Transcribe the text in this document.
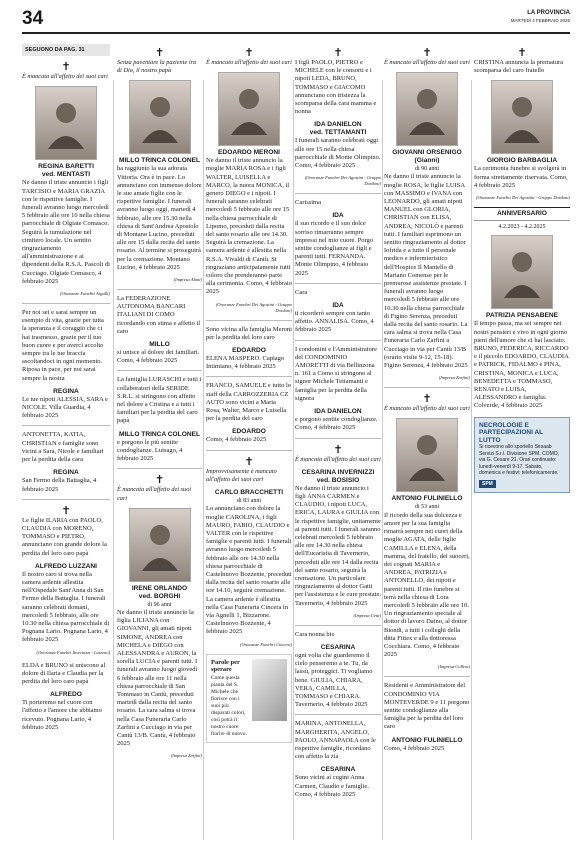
34	LA PROVINCIA
MARTEDÌ 4 FEBBRAIO 2025
SEGUONO DA PAG. 31
✝

È mancata all'affetto dei suoi cari

REGINA BARETTI
ved. MENTASTI

Ne danno il triste annuncio i figli TARCISIO e MARIA GRAZIA con le rispettive famiglie. I funerali avranno luogo mercoledì 5 febbraio alle ore 10 nella chiesa parrocchiale di Olgiate Comasco. Seguirà la tumulazione nel cimitero locale. Un sentito ringraziamento all'amministrazione e ai dipendenti della R.S.A. Pascoli di Cucciago. Olgiate Comasco, 4 febbraio 2025

(Onoranze Funebri Argalli)

Per noi sei e sarai sempre un esempio di vita, grazie per tutta la speranza e il coraggio che ci hai trasmesso, grazie per il tuo buon cuore e per averci accolto sempre tra le tue braccia ascoltandoci in ogni momento. Riposa in pace, per noi sarai sempre la nostra

REGINA

Le tue nipoti ALESSIA, SARA e NICOLE. Villa Guardia, 4 febbraio 2025

ANTONETTA, KATIA, CHRISTIAN e famiglie sono vicini a Sara, Nicole e familiari per la perdita della cara

REGINA

San Fermo della Battaglia, 4 febbraio 2025

✝

Le figlie ILARIA con PAOLO, CLAUDIA con MORENO, TOMMASO e PIETRO, annunciano con grande dolore la perdita del loro caro papà

ALFREDO LUZZANI

Il nostro caro si trova nella camera ardente allestita nell'Ospedale Sant'Anna di San Fermo della Battaglia. I funerali saranno celebrati domani, mercoledì 5 febbraio, alle ore 10.30 nella chiesa parrocchiale di Pognana Lario. Pognana Lario, 4 febbraio 2025

(Onoranze Funebri Invernizzi - Lezzeno)

ELDA e BRUNO si uniscono al dolore di Ilaria e Claudia per la perdita del loro caro papà

ALFREDO

Ti porteremo nel cuore con l'affetto e l'amore che abbiamo ricevuto. Pognana Lario, 4 febbraio 2025

✝

Senza paventare la paziente ira di Dio, il nostro papà

MILLO TRINCA COLONEL

ha raggiunto la sua adorata Vittoria. Ora è in pace. Lo annunciano con immenso dolore le sue amate figlie con le rispettive famiglie. I funerali avranno luogo oggi, martedì 4 febbraio, alle ore 15.30 nella chiesa di Sant'Andrea Apostolo di Montano Lucino, preceduti alle ore 15 dalla recita del santo rosario. Al termine si proseguirà per la cremazione. Montano Lucino, 4 febbraio 2025

(Impresa Alani)

La FEDERAZIONE AUTONOMA BANCARI ITALIANI DI COMO ricordando con stima e affetto il caro

MILLO

si unisce al dolore dei familiari. Como, 4 febbraio 2025

La famiglia LURASCHI e tutti i collaboratori della SERIDE S.R.L. si stringono con affetto nel dolore a Cristina e a tutti i familiari per la perdita del caro papà

MILLO TRINCA COLONEL

e porgono le più sentite condoglianze. Luisago, 4 febbraio 2025

✝

È mancata all'affetto dei suoi cari

IRENE ORLANDO
ved. BORGHI
di 96 anni

Ne danno il triste annuncio la figlia LILIANA con GIOVANNI, gli amati nipoti SIMONE, ANDREA con MICHELA e DIEGO con ALESSANDRA e AURON, la sorella LUCIA e parenti tutti. I funerali avranno luogo giovedì 6 febbraio alle ore 11 nella chiesa parrocchiale di San Tommaso in Cantù, preceduti martedì dalla recita del santo rosario. La cara salma si trova nella Casa Funeraria Carlo Zarfini a Cucciago in via per Cantù 13/B. Cantù, 4 febbraio 2025

(Impresa Zarfini)
✝

È mancato all'affetto dei suoi cari

EDOARDO MERONI

Ne danno il triste annuncio la moglie MARIA ROSA e i figli WALTER, LUISELLA e MARCO, la nuora MONICA, il genero DIEGO e i nipoti. I funerali saranno celebrati mercoledì 5 febbraio alle ore 15 nella chiesa parrocchiale di Lipomo, preceduti dalla recita del santo rosario alle ore 14.30. Seguirà la cremazione. La camera ardente è allestita nella R.S.A. Vivaldi di Cantù. Si ringraziano anticipatamente tutti coloro che prenderanno parte alla cerimonia. Como, 4 febbraio 2025

(Onoranze Funebri Dei Agostini - Gruppo Dordoni)

Sono vicina alla famiglia Meroni per la perdita del loro caro

EDOARDO

ELENA MASPERO. Capiago Intimiano, 4 febbraio 2025

FRANCO, SAMUELE e tutto lo staff della CARROZZERIA CZ AUTO sono vicini a Maria Rosa, Walter, Marco e Luisella per la perdita del caro

EDOARDO

Como, 4 febbraio 2025

✝

Improvvisamente è mancato all'affetto dei suoi cari

CARLO BRACCHETTI
di 83 anni

Lo annunciano con dolore la moglie CAROLINA, i figli MAURO, FABIO, CLAUDIO e VALTER con le rispettive famiglie e parenti tutti. I funerali avranno luogo mercoledì 5 febbraio alle ore 14.30 nella chiesa parrocchiale di Castelnuovo Bozzente, preceduti dalla recita del santo rosario alle ore 14.10, seguirà cremazione. La camera ardente è allestita nella Casa Funeraria Cincera in via Agnelli 1, Bizzarone. Castelnuovo Bozzente, 4 febbraio 2025

(Onoranze Funebri Cincera)
Parole per sperare
Come questa pianta del S. Michele che fiorisce con i suoi più disparati colori, così potrà il nostro cuore fiorire di nuovo.
✝

I figli PAOLO, PIETRO e MICHELE con le consorti e i nipoti LEDA, BRUNO, TOMMASO e GIACOMO annunciano con tristezza la scomparsa della cara mamma e nonna

IDA DANIELON
ved. TETTAMANTI

I funerali saranno celebrati oggi alle ore 15 nella chiesa parrocchiale di Monte Olimpino. Como, 4 febbraio 2025

(Onoranze Funebri Dei Agostini - Gruppo Dordoni)

Carissima

IDA

il suo ricordo e il suo dolce sorriso rimarranno sempre impressi nel mio cuore. Porgo sentite condoglianze ai figli e parenti tutti. FERNANDA. Monte Olimpino, 4 febbraio 2025

Cara

IDA

ti ricorderò sempre con tanto affetto. ANNALISA. Como, 4 febbraio 2025

I condomini e l'Amministratore del CONDOMINIO AMORETTI di via Bellinzona n. 161 a Como si stringono al signor Michele Tettamanti e famiglia per la perdita della signora

IDA DANIELON

e porgono sentite condoglianze. Como, 4 febbraio 2025

✝

È mancata all'affetto dei suoi cari

CESARINA INVERNIZZI
ved. BOSISIO

Ne danno il triste annuncio i figli ANNA CARMEN e CLAUDIO, i nipoti LUCA, ERICA, LAURA e GIULIA con le rispettive famiglie, unitamente ai parenti tutti. I funerali saranno celebrati mercoledì 5 febbraio alle ore 14.30 nella chiesa dell'Eucaristia di Tavernerio, preceduti alle ore 14 dalla recita del santo rosario, seguirà la cremazione. Un particolare ringraziamento al dottor Gatti per l'assistenza e le cure prestate. Tavernerio, 4 febbraio 2025

(Impresa Cetti)

Cara nonna bis

CESARINA

ogni volta che guarderemo il cielo penseremo a te. Tu, da lassù, proteggici. Ti vogliamo bene. GIULIA, CHIARA, VERA, CAMILLA, TOMMASO e CHIARA. Tavernerio, 4 febbraio 2025

MARINA, ANTONELLA, MARGHERITA, ANGELO, PAOLO, ANNAPAOLA con le rispettive famiglie, ricordano con affetto la zia

CESARINA

Sono vicini ai cugini Anna Carmen, Claudio e famiglie. Como, 4 febbraio 2025

✝

È mancato all'affetto dei suoi cari

GIOVANNI ORSENIGO
(Gianni)
di 90 anni

Ne danno il triste annuncio la moglie ROSA, le figlie LUISA con MASSIMO e IVANA con LEONARDO, gli amati nipoti MANUEL con GLORIA, CHRISTIAN con ELISA, ANDREA, NICOLÒ e parenti tutti. I familiari esprimono un sentito ringraziamento al dottor Iofrida e a tutto il personale medico e infermieristico dell'Hospice Il Mantello di Mariano Comense per le premurose assistenze prestate. I funerali avranno luogo mercoledì 5 febbraio alle ore 10.30 nella chiesa parrocchiale di Figino Serenza, preceduti dalla recita del santo rosario. La cara salma si trova nella Casa Funeraria Carlo Zarfini a Cucciago in via per Cantù 13/B (orario visite 9-12, 15-18). Figino Serenza, 4 febbraio 2025

(Impresa Zarfini)
✝

È mancato all'affetto dei suoi cari

ANTONIO FULINIELLO
di 53 anni

Il ricordo della sua dolcezza e amore per la sua famiglia rimarrà sempre nei cuori della moglie AGATA, delle figlie CAMILLA e ELENA, della mamma, del fratello, dei suoceri, dei cognati MARIA e ANDREA, PATRIZIA e ANTONELLO, dei nipoti e parenti tutti. Il rito funebre si terrà nella chiesa di Lora mercoledì 5 febbraio alle ore 10. Un ringraziamento speciale al dottor di lavoro Daino, al dottor Biondi, a tutti i colleghi della ditta Fittex e alla dottoressa Cocchiara. Como, 4 febbraio 2025

(Impresa Colliva)

Residenti e Amministratore del CONDOMINIO VIA MONTEVERDE 9 e 11 porgono sentite condoglianze alla famiglia per la perdita del loro caro

ANTONIO FULINIELLO

Como, 4 febbraio 2025

✝

CRISTINA annuncia la prematura scomparsa del caro fratello

GIORGIO BARBAGLIA

La cerimonia funebre si svolgerà in forma strettamente riservata. Como, 4 febbraio 2025

(Onoranze Funebri Dei Agostini - Gruppo Dordoni)
ANNIVERSARIO
4.2.2023 - 4.2.2025
PATRIZIA PENSABENE

Il tempo passa, ma sei sempre nei nostri pensieri e vivo in ogni giorno pieni dell'amore che ci hai lasciato. BRUNO, FEDERICA, RICCARDO e il piccolo EDOARDO, CLAUDIA e PATRICK, FIDALMO e PINA, CRISTINA, MONICA e LUCA, BENEDETTA e TOMMASO, RENATO e LUISA, ALESSANDRO e famiglia. Colverde, 4 febbraio 2025

NECROLOGIE E PARTECIPAZIONI AL LUTTO
Si ricevono allo sportello Sesaab Servizi S.r.l. Divisione SPM. COMO, via G. Cesare 21. Orari continuato: lunedì-venerdì 9-17. Sabato, domenica e festivi: telefonicamente.
SPM
